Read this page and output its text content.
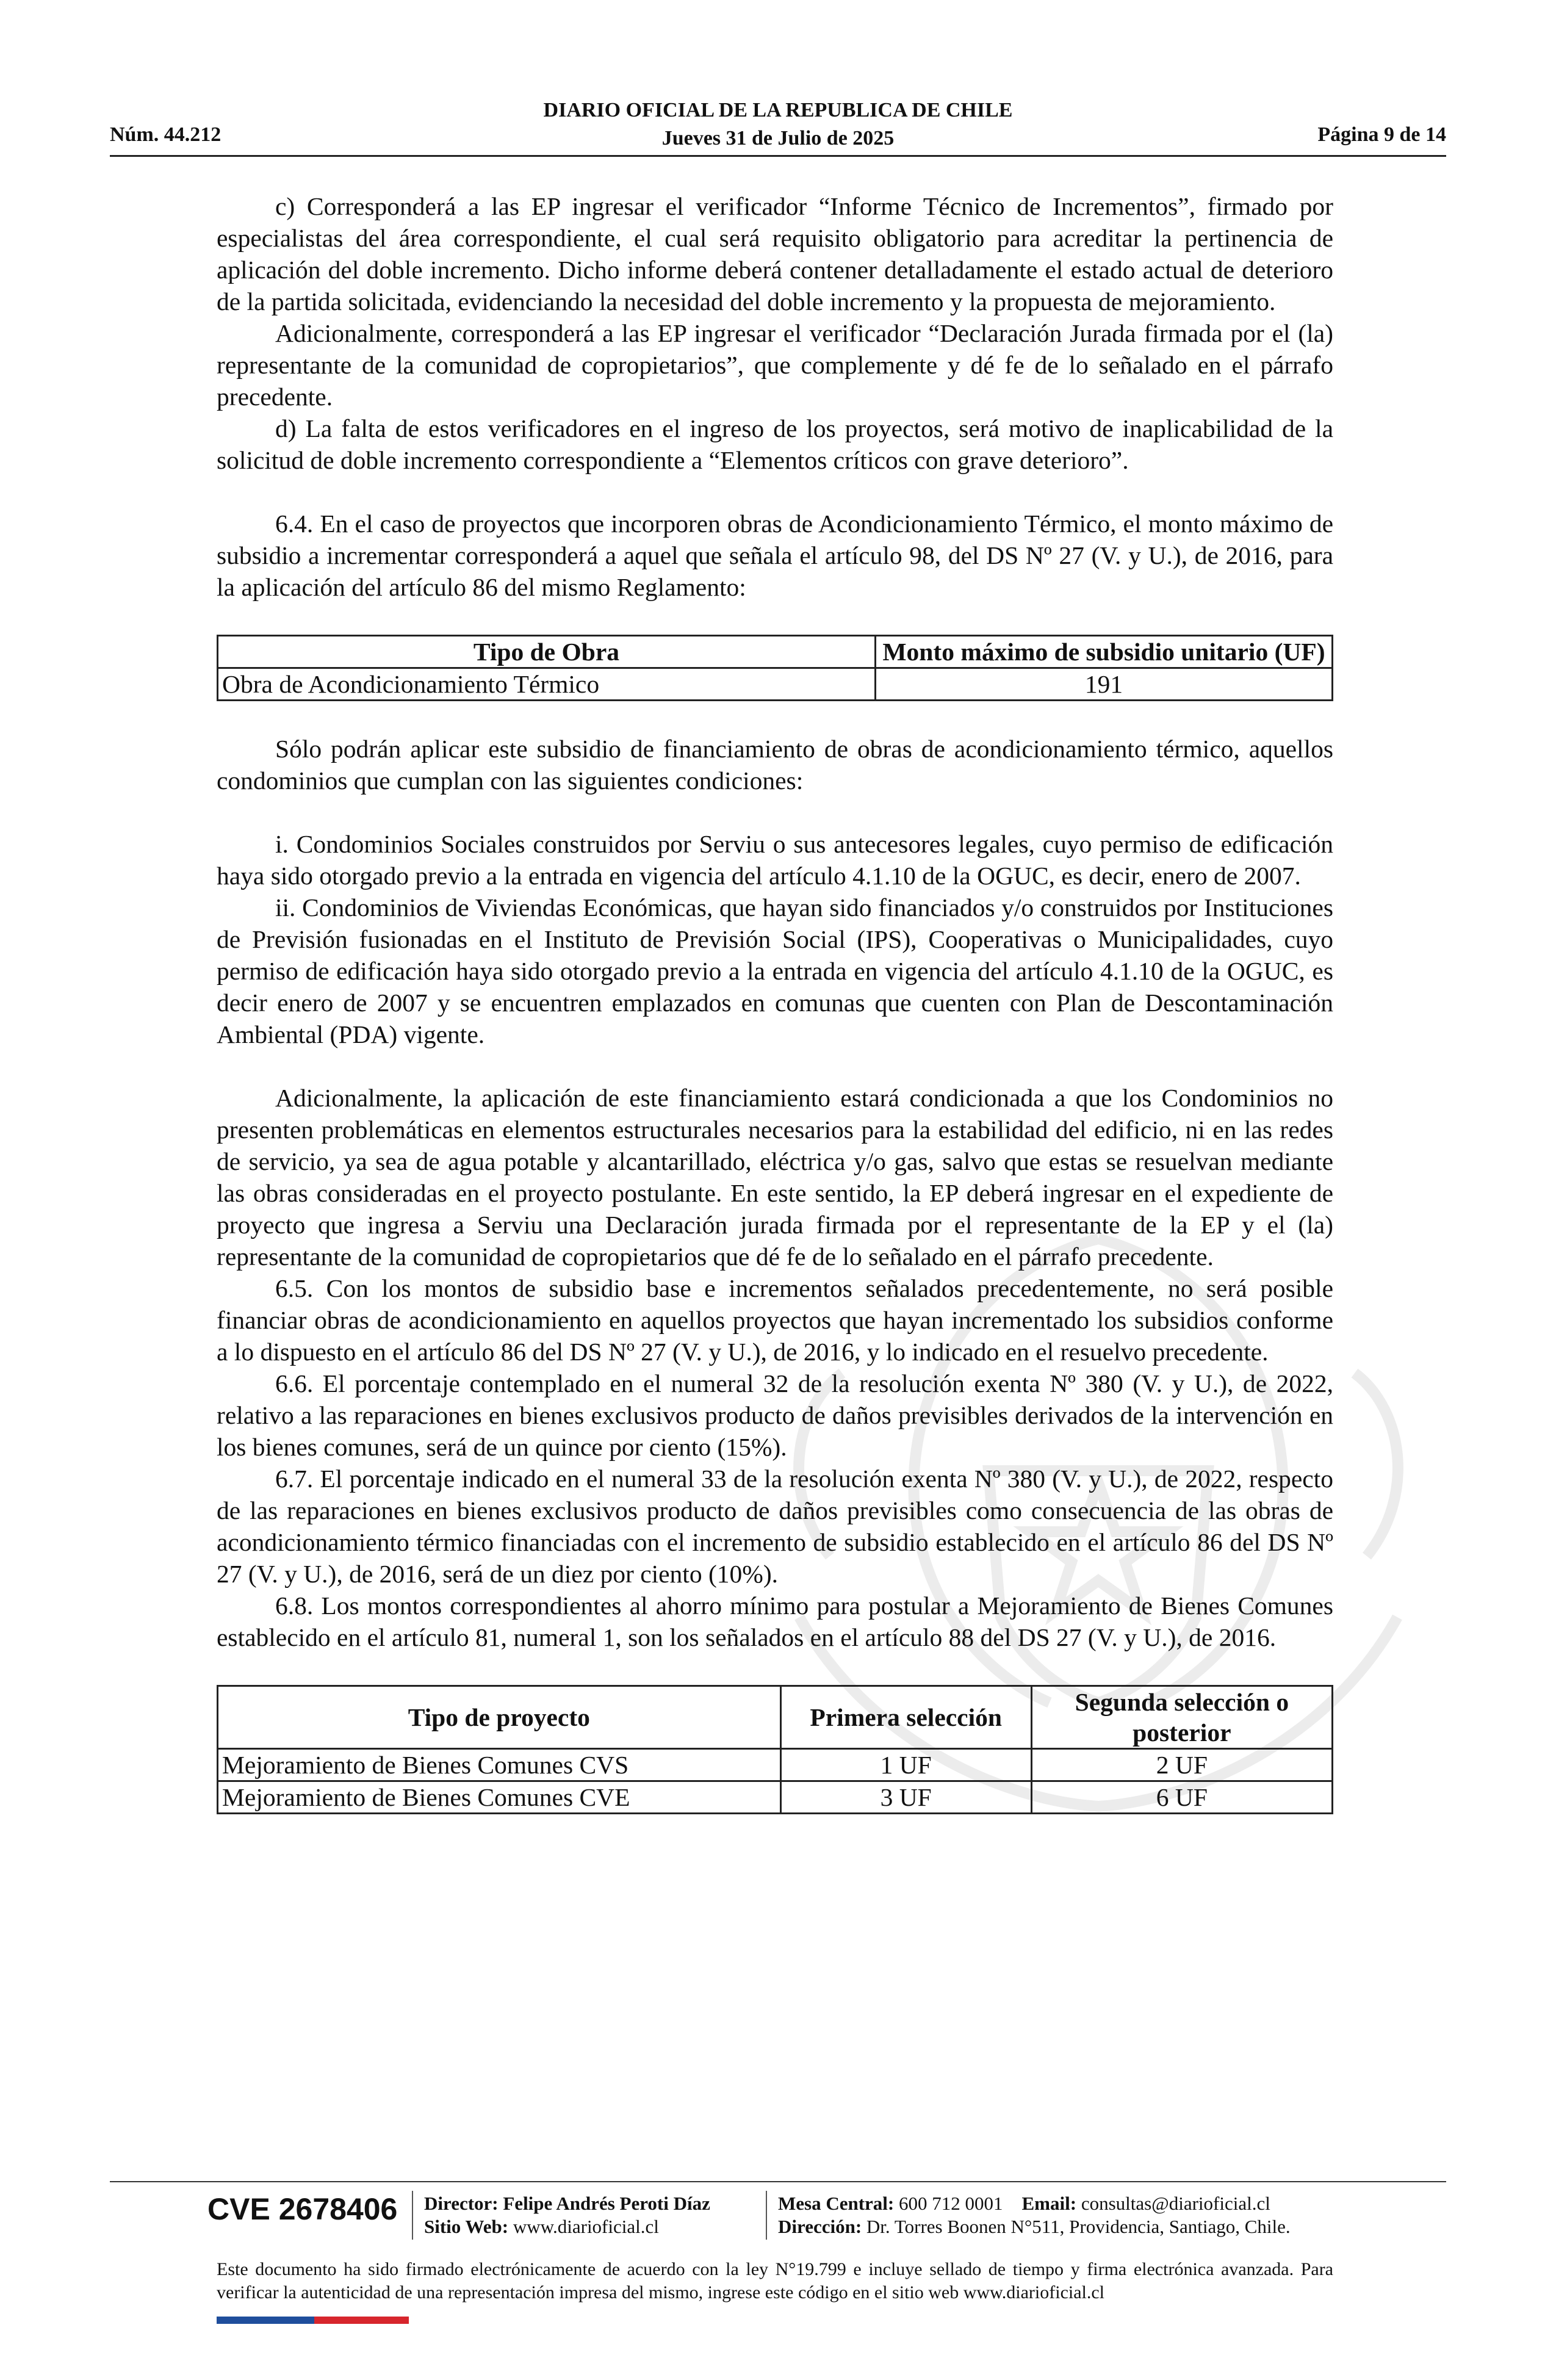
Núm. 44.212
DIARIO OFICIAL DE LA REPUBLICA DE CHILE
Jueves 31 de Julio de 2025	Página 9 de 14

c) Corresponderá a las EP ingresar el verificador “Informe Técnico de Incrementos”, firmado por especialistas del área correspondiente, el cual será requisito obligatorio para acreditar la pertinencia de aplicación del doble incremento. Dicho informe deberá contener detalladamente el estado actual de deterioro de la partida solicitada, evidenciando la necesidad del doble incremento y la propuesta de mejoramiento.

Adicionalmente, corresponderá a las EP ingresar el verificador “Declaración Jurada firmada por el (la) representante de la comunidad de copropietarios”, que complemente y dé fe de lo señalado en el párrafo precedente.

d) La falta de estos verificadores en el ingreso de los proyectos, será motivo de inaplicabilidad de la solicitud de doble incremento correspondiente a “Elementos críticos con grave deterioro”.

6.4. En el caso de proyectos que incorporen obras de Acondicionamiento Térmico, el monto máximo de subsidio a incrementar corresponderá a aquel que señala el artículo 98, del DS Nº 27 (V. y U.), de 2016, para la aplicación del artículo 86 del mismo Reglamento:

Tipo de Obra	Monto máximo de subsidio unitario (UF)
Obra de Acondicionamiento Térmico	191

Sólo podrán aplicar este subsidio de financiamiento de obras de acondicionamiento térmico, aquellos condominios que cumplan con las siguientes condiciones:

i. Condominios Sociales construidos por Serviu o sus antecesores legales, cuyo permiso de edificación haya sido otorgado previo a la entrada en vigencia del artículo 4.1.10 de la OGUC, es decir, enero de 2007.

ii. Condominios de Viviendas Económicas, que hayan sido financiados y/o construidos por Instituciones de Previsión fusionadas en el Instituto de Previsión Social (IPS), Cooperativas o Municipalidades, cuyo permiso de edificación haya sido otorgado previo a la entrada en vigencia del artículo 4.1.10 de la OGUC, es decir enero de 2007 y se encuentren emplazados en comunas que cuenten con Plan de Descontaminación Ambiental (PDA) vigente.

Adicionalmente, la aplicación de este financiamiento estará condicionada a que los Condominios no presenten problemáticas en elementos estructurales necesarios para la estabilidad del edificio, ni en las redes de servicio, ya sea de agua potable y alcantarillado, eléctrica y/o gas, salvo que estas se resuelvan mediante las obras consideradas en el proyecto postulante. En este sentido, la EP deberá ingresar en el expediente de proyecto que ingresa a Serviu una Declaración jurada firmada por el representante de la EP y el (la) representante de la comunidad de copropietarios que dé fe de lo señalado en el párrafo precedente.

6.5. Con los montos de subsidio base e incrementos señalados precedentemente, no será posible financiar obras de acondicionamiento en aquellos proyectos que hayan incrementado los subsidios conforme a lo dispuesto en el artículo 86 del DS Nº 27 (V. y U.), de 2016, y lo indicado en el resuelvo precedente.

6.6. El porcentaje contemplado en el numeral 32 de la resolución exenta Nº 380 (V. y U.), de 2022, relativo a las reparaciones en bienes exclusivos producto de daños previsibles derivados de la intervención en los bienes comunes, será de un quince por ciento (15%).

6.7. El porcentaje indicado en el numeral 33 de la resolución exenta Nº 380 (V. y U.), de 2022, respecto de las reparaciones en bienes exclusivos producto de daños previsibles como consecuencia de las obras de acondicionamiento térmico financiadas con el incremento de subsidio establecido en el artículo 86 del DS Nº 27 (V. y U.), de 2016, será de un diez por ciento (10%).

6.8. Los montos correspondientes al ahorro mínimo para postular a Mejoramiento de Bienes Comunes establecido en el artículo 81, numeral 1, son los señalados en el artículo 88 del DS 27 (V. y U.), de 2016.

Tipo de proyecto	Primera selección	Segunda selección o posterior
Mejoramiento de Bienes Comunes CVS	1 UF	2 UF
Mejoramiento de Bienes Comunes CVE	3 UF	6 UF
CVE 2678406 Director: Felipe Andrés Peroti Díaz
Sitio Web: www.diarioficial.cl
Mesa Central: 600 712 0001 Email: consultas@diarioficial.cl
Dirección: Dr. Torres Boonen N°511, Providencia, Santiago, Chile.
Este documento ha sido firmado electrónicamente de acuerdo con la ley N°19.799 e incluye sellado de tiempo y firma electrónica avanzada. Para verificar la autenticidad de una representación impresa del mismo, ingrese este código en el sitio web www.diarioficial.cl
